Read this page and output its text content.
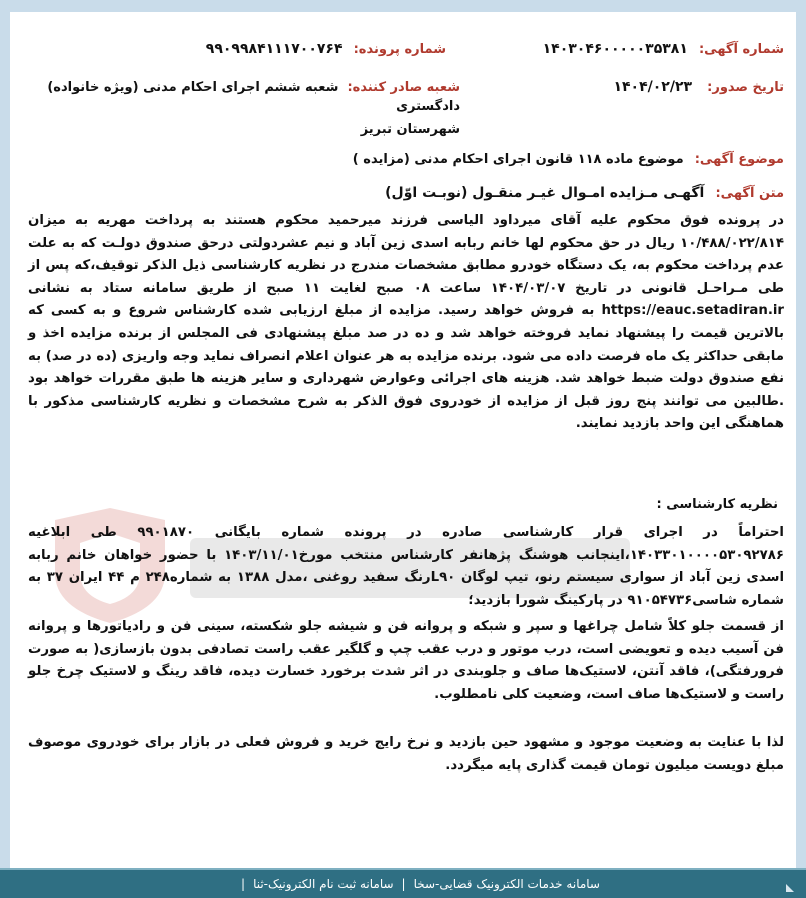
شماره آگهی: ۱۴۰۳۰۴۶۰۰۰۰۰۳۵۳۸۱
شماره پرونده: ۹۹۰۹۹۸۴۱۱۱۷۰۰۷۶۴
تاریخ صدور: ۱۴۰۴/۰۲/۲۳
شعبه صادر کننده: شعبه ششم اجرای احکام مدنی (ویژه خانواده) دادگستری
شهرستان تبریز
موضوع آگهی: موضوع ماده ۱۱۸ قانون اجرای احکام مدنی (مزایده )
متن آگهی: آگهـی مـزایده امـوال غیـر منقـول (نوبـت اوّل)
در پرونده فوق محکوم علیه آقای میرداود الیاسی فرزند میرحمید محکوم هستند به پرداخت مهریه به میزان ۱۰/۴۸۸/۰۲۲/۸۱۴ ریال در حق محکوم لها خانم ربابه اسدی زین آباد و نیم عشردولتی درحق صندوق دولـت که به علت عدم پرداخت محکوم به، یک دستگاه خودرو مطابق مشخصات مندرج در نظریه کارشناسی ذیل الذکر توقیف،که پس از طی مـراحـل قانونی در تاریخ ۱۴۰۴/۰۳/۰۷ ساعت ۰۸ صبح لغایت ۱۱ صبح از طریق سامانه ستاد به نشانی https://eauc.setadiran.ir به فروش خواهد رسید. مزایده از مبلغ ارزیابی شده کارشناس شروع و به کسی که بالاترین قیمت را پیشنهاد نماید فروخته خواهد شد و ده در صد مبلغ پیشنهادی فی المجلس از برنده مزایده اخذ و مابقی حداکثر یک ماه فرصت داده می شود. برنده مزایده به هر عنوان اعلام انصراف نماید وجه واریزی (ده در صد) به نفع صندوق دولت ضبط خواهد شد. هزینه های اجرائی وعوارض شهرداری و سایر هزینه ها طبق مقررات خواهد بود .طالبین می توانند پنج روز قبل از مزایده از خودروی فوق الذکر به شرح مشخصات و نظریه کارشناسی مذکور با هماهنگی این واحد بازدید نمایند.
نظریه کارشناسی :
احتراماً در اجرای قرار کارشناسی صادره در پرونده شماره بایگانی ۹۹۰۱۸۷۰ طی ابلاغیه ۱۴۰۳۳۰۱۰۰۰۰۵۳۰۹۲۷۸۶،اینجانب هوشنگ پژهانفر کارشناس منتخب مورخ۱۴۰۳/۱۱/۰۱ با حضور خواهان خانم ربابه اسدی زین آباد از سواری سیستم رنو، تیپ لوگان L۹۰رنگ سفید روغنی ،مدل ۱۳۸۸ به شماره۲۴۸ م ۴۴ ایران ۳۷ به شماره شاسی۹۱۰۵۴۷۳۶ در پارکینگ شورا بازدید؛
از قسمت جلو کلاً شامل چراغها و سپر و شبکه و پروانه فن و شیشه جلو شکسته، سینی فن و رادیاتورها و پروانه فن آسیب دیده و تعویضی است، درب موتور و درب عقب چپ و گلگیر عقب راست تصادفی بدون بازسازی( به صورت فرورفتگی)، فاقد آنتن، لاستیک‌ها صاف و جلوبندی در اثر شدت برخورد خسارت دیده، فاقد رینگ و لاستیک چرخ جلو راست و لاستیک‌ها صاف است، وضعیت کلی نامطلوب.
لذا با عنایت به وضعیت موجود و مشهود حین بازدید و نرخ رایج خرید و فروش فعلی در بازار برای خودروی موصوف مبلغ دویست میلیون تومان قیمت گذاری پایه میگردد.
سامانه خدمات الکترونیک قضایی-سخا
|
سامانه ثبت نام الکترونیک-ثنا
|
